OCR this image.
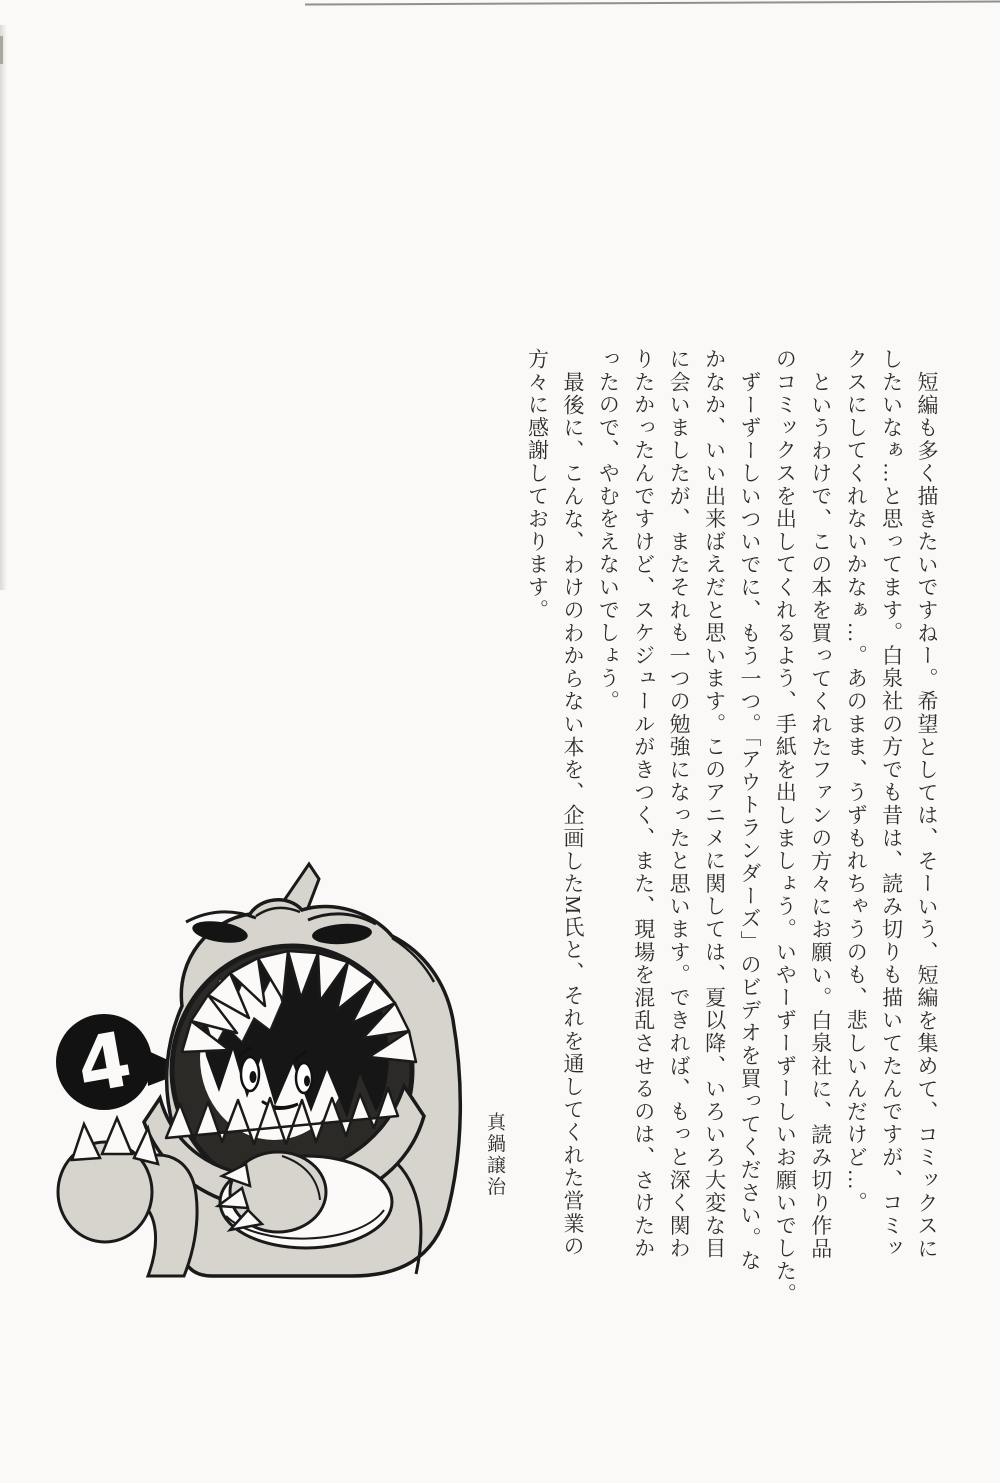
短編も多く描きたいですねー。希望としては、そーいう、短編を集めて、コミックスに
したいなぁ…と思ってます。白泉社の方でも昔は、読み切りも描いてたんですが、コミッ
クスにしてくれないかなぁ…。あのまま、うずもれちゃうのも、悲しいんだけど…。
というわけで、この本を買ってくれたファンの方々にお願い。白泉社に、読み切り作品
のコミックスを出してくれるよう、手紙を出しましょう。いやーずーずーしいお願いでした。
ずーずーしいついでに、もう一つ。「アウトランダーズ」のビデオを買ってください。な
かなか、いい出来ばえだと思います。このアニメに関しては、夏以降、いろいろ大変な目
に会いましたが、またそれも一つの勉強になったと思います。できれば、もっと深く関わ
りたかったんですけど、スケジュールがきつく、また、現場を混乱させるのは、さけたか
ったので、やむをえないでしょう。
最後に、こんな、わけのわからない本を、企画したM氏と、それを通してくれた営業の
方々に感謝しております。
真鍋譲治
4
